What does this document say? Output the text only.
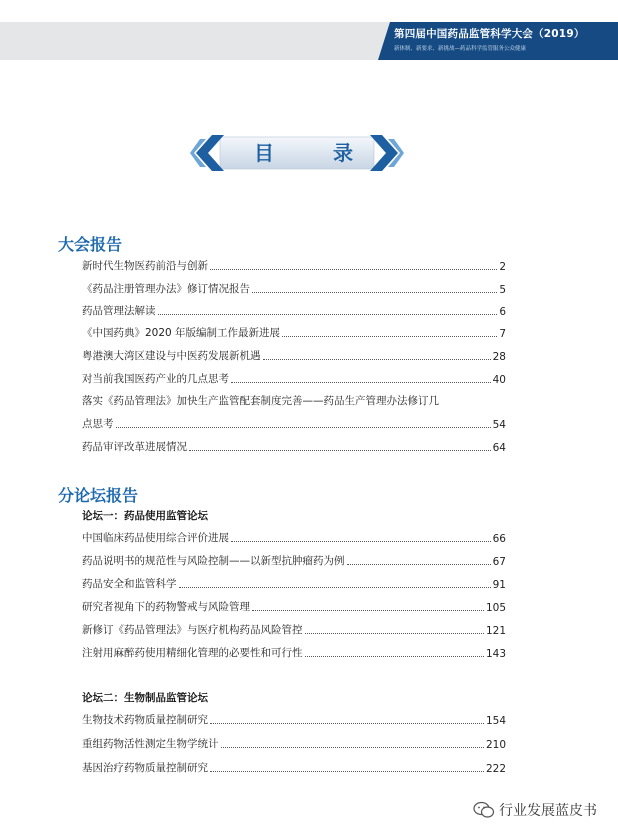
第四届中国药品监管科学大会（2019）
新体制、新要求、新挑战—药品科学监管服务公众健康
目 录
大会报告
新时代生物医药前沿与创新	2
《药品注册管理办法》修订情况报告	5
药品管理法解读	6
《中国药典》2020 年版编制工作最新进展	7
粤港澳大湾区建设与中医药发展新机遇	28
对当前我国医药产业的几点思考	40
落实《药品管理法》加快生产监管配套制度完善——药品生产管理办法修订几
点思考	54
药品审评改革进展情况	64
分论坛报告
论坛一：药品使用监管论坛
中国临床药品使用综合评价进展	66
药品说明书的规范性与风险控制——以新型抗肿瘤药为例	67
药品安全和监管科学	91
研究者视角下的药物警戒与风险管理	105
新修订《药品管理法》与医疗机构药品风险管控	121
注射用麻醉药使用精细化管理的必要性和可行性	143
论坛二：生物制品监管论坛
生物技术药物质量控制研究	154
重组药物活性测定生物学统计	210
基因治疗药物质量控制研究	222
行业发展蓝皮书
